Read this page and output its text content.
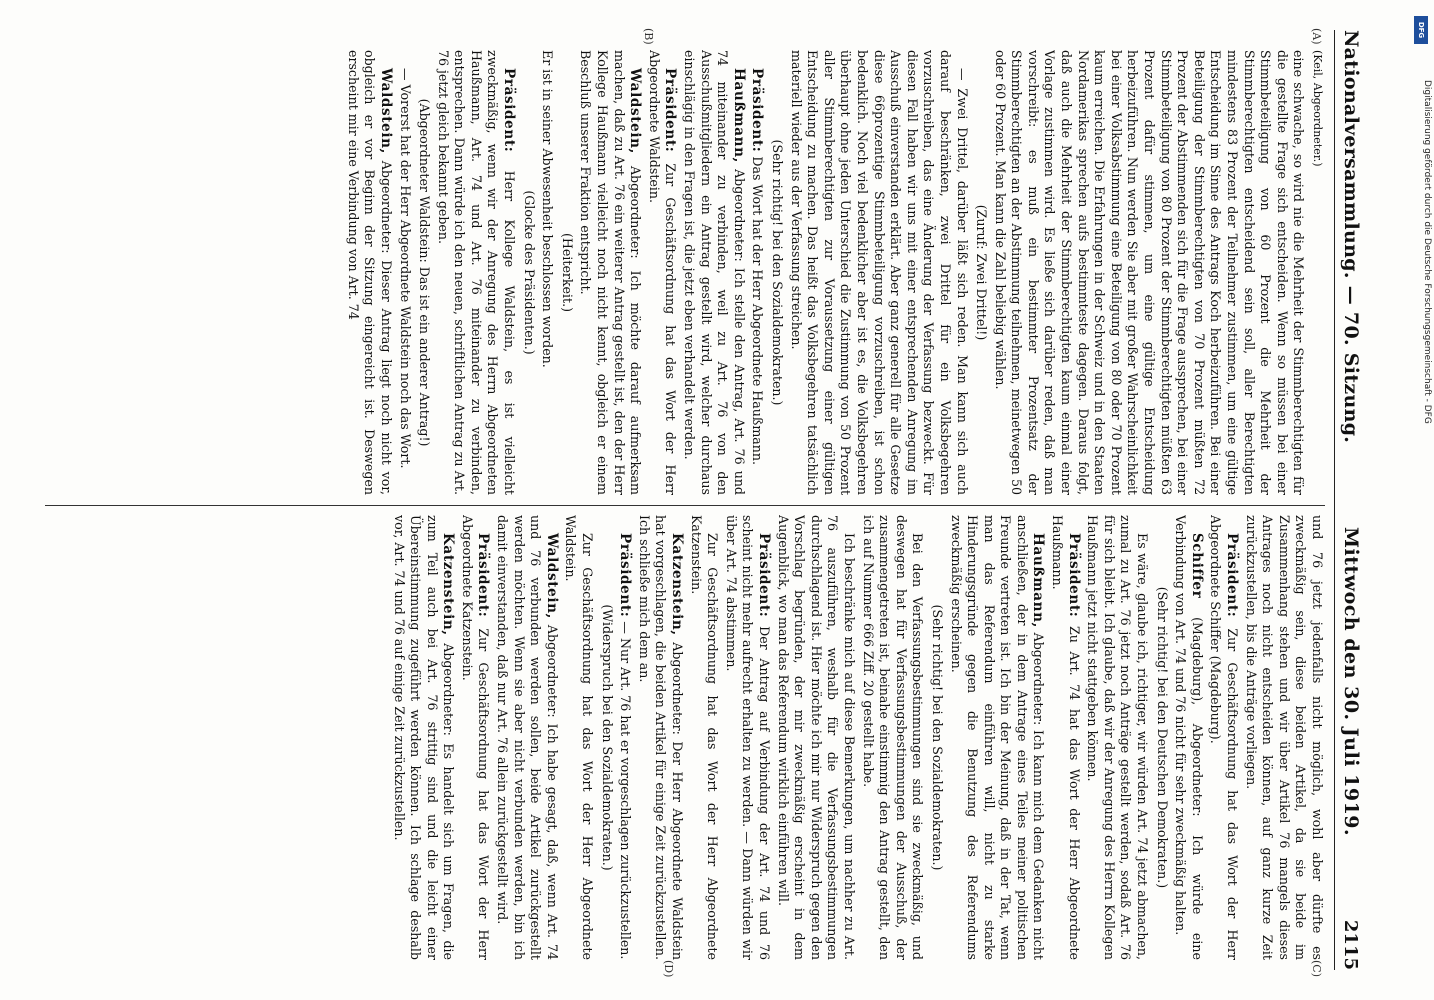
Nationalversammlung. — 70. Sitzung.
Mittwoch den 30. Juli 1919.
2115
(A)
(B)
(C)
(D)

(Keil, Abgeordneter.)

eine schwache, so wird nie die Mehrheit der Stimmberechtigten für die gestellte Frage sich entscheiden. Wenn so müssen bei einer Stimmbeteiligung von 60 Prozent die Mehrheit der Stimmberechtigten entscheidend sein soll, aller Berechtigten mindestens 83 Prozent der Teilnehmer zustimmen, um eine gültige Entscheidung im Sinne des Antrags Koch herbeizuführen. Bei einer Beteiligung der Stimmberechtigten von 70 Prozent müßten 72 Prozent der Abstimmenden sich für die Frage aussprechen, bei einer Stimmbeteiligung von 80 Prozent der Stimmberechtigten müßten 63 Prozent dafür stimmen, um eine gültige Entscheidung herbeizuführen. Nun werden Sie aber mit großer Wahrscheinlichkeit bei einer Volksabstimmung eine Beteiligung von 80 oder 70 Prozent kaum erreichen. Die Erfahrungen in der Schweiz und in den Staaten Nordamerikas sprechen aufs bestimmteste dagegen. Daraus folgt, daß auch die Mehrheit der Stimmberechtigten kaum einmal einer Vorlage zustimmen wird. Es ließe sich darüber reden, daß man vorschreibt: es muß ein bestimmter Prozentsatz der Stimmberechtigten an der Abstimmung teilnehmen, meinetwegen 50 oder 60 Prozent. Man kann die Zahl beliebig wählen.

(Zuruf: Zwei Drittel!)

— Zwei Drittel, darüber läßt sich reden. Man kann sich auch darauf beschränken, zwei Drittel für ein Volksbegehren vorzuschreiben, das eine Änderung der Verfassung bezweckt. Für diesen Fall haben wir uns mit einer entsprechenden Anregung im Ausschuß einverstanden erklärt. Aber ganz generell für alle Gesetze diese 66prozentige Stimmbeteiligung vorzuschreiben, ist schon bedenklich. Noch viel bedenklicher aber ist es, die Volksbegehren überhaupt ohne jeden Unterschied die Zustimmung von 50 Prozent aller Stimmberechtigten zur Voraussetzung einer gültigen Entscheidung zu machen. Das heißt das Volksbegehren tatsächlich materiell wieder aus der Verfassung streichen.

(Sehr richtig! bei den Sozialdemokraten.)

Präsident: Das Wort hat der Herr Abgeordnete Haußmann.

Haußmann, Abgeordneter: Ich stelle den Antrag, Art. 76 und 74 miteinander zu verbinden, weil zu Art. 76 von den Ausschußmitgliedern ein Antrag gestellt wird, welcher durchaus einschlägig in den Fragen ist, die jetzt eben verhandelt werden.

Präsident: Zur Geschäftsordnung hat das Wort der Herr Abgeordnete Waldstein.

Waldstein, Abgeordneter: Ich möchte darauf aufmerksam machen, daß zu Art. 76 ein weiterer Antrag gestellt ist, den der Herr Kollege Haußmann vielleicht noch nicht kennt, obgleich er einem Beschluß unserer Fraktion entspricht.

(Heiterkeit.)

Er ist in seiner Abwesenheit beschlossen worden.

(Glocke des Präsidenten.)

Präsident: Herr Kollege Waldstein, es ist vielleicht zweckmäßig, wenn wir der Anregung des Herrn Abgeordneten Haußmann, Art. 74 und Art. 76 miteinander zu verbinden, entsprechen. Dann würde ich den neuen, schriftlichen Antrag zu Art. 76 jetzt gleich bekannt geben.

(Abgeordneter Waldstein: Das ist ein anderer Antrag!)

— Vorerst hat der Herr Abgeordnete Waldstein noch das Wort.

Waldstein, Abgeordneter: Dieser Antrag liegt noch nicht vor, obgleich er vor Beginn der Sitzung eingereicht ist. Deswegen erscheint mir eine Verbindung von Art. 74

und 76 jetzt jedenfalls nicht möglich, wohl aber dürfte es zweckmäßig sein, diese beiden Artikel, da sie beide im Zusammenhang stehen und wir über Artikel 76 mangels dieses Antrages noch nicht entscheiden können, auf ganz kurze Zeit zurückzustellen, bis die Anträge vorliegen.

Präsident: Zur Geschäftsordnung hat das Wort der Herr Abgeordnete Schiffer (Magdeburg).

Schiffer (Magdeburg), Abgeordneter: Ich würde eine Verbindung von Art. 74 und 76 nicht für sehr zweckmäßig halten.

(Sehr richtig! bei den Deutschen Demokraten.)

Es wäre, glaube ich, richtiger, wir würden Art. 74 jetzt abmachen, zumal zu Art. 76 jetzt noch Anträge gestellt werden, sodaß Art. 76 für sich bleibt. Ich glaube, daß wir der Anregung des Herrn Kollegen Haußmann jetzt nicht stattgeben können.

Präsident: Zu Art. 74 hat das Wort der Herr Abgeordnete Haußmann.

Haußmann, Abgeordneter: Ich kann mich dem Gedanken nicht anschließen, der in dem Antrage eines Teiles meiner politischen Freunde vertreten ist. Ich bin der Meinung, daß in der Tat, wenn man das Referendum einführen will, nicht zu starke Hinderungsgründe gegen die Benutzung des Referendums zweckmäßig erscheinen.

(Sehr richtig! bei den Sozialdemokraten.)

Bei den Verfassungsbestimmungen sind sie zweckmäßig, und deswegen hat für Verfassungsbestimmungen der Ausschuß, der zusammengetreten ist, beinahe einstimmig den Antrag gestellt, den ich auf Nummer 666 Ziff. 20 gestellt habe.

Ich beschränke mich auf diese Bemerkungen, um nachher zu Art. 76 auszuführen, weshalb für die Verfassungsbestimmungen durchschlagend ist. Hier möchte ich mir nur Widerspruch gegen den Vorschlag begründen, der mir zweckmäßig erscheint in dem Augenblick, wo man das Referendum wirklich einführen will.

Präsident: Der Antrag auf Verbindung der Art. 74 und 76 scheint nicht mehr aufrecht erhalten zu werden. — Dann würden wir über Art. 74 abstimmen.

Zur Geschäftsordnung hat das Wort der Herr Abgeordnete Katzenstein.

Katzenstein, Abgeordneter: Der Herr Abgeordnete Waldstein hat vorgeschlagen, die beiden Artikel für einige Zeit zurückzustellen. Ich schließe mich dem an.

Präsident: — Nur Art. 76 hat er vorgeschlagen zurückzustellen.

(Widerspruch bei den Sozialdemokraten.)

Zur Geschäftsordnung hat das Wort der Herr Abgeordnete Waldstein.

Waldstein, Abgeordneter: Ich habe gesagt, daß, wenn Art. 74 und 76 verbunden werden sollen, beide Artikel zurückgestellt werden möchten. Wenn sie aber nicht verbunden werden, bin ich damit einverstanden, daß nur Art. 76 allein zurückgestellt wird.

Präsident: Zur Geschäftsordnung hat das Wort der Herr Abgeordnete Katzenstein.

Katzenstein, Abgeordneter: Es handelt sich um Fragen, die zum Teil auch bei Art. 76 strittig sind und die leicht einer Übereinstimmung zugeführt werden können. Ich schlage deshalb vor, Art. 74 und 76 auf einige Zeit zurückzustellen.

DFG
Digitalisierung gefördert durch die Deutsche Forschungsgemeinschaft - DFG
